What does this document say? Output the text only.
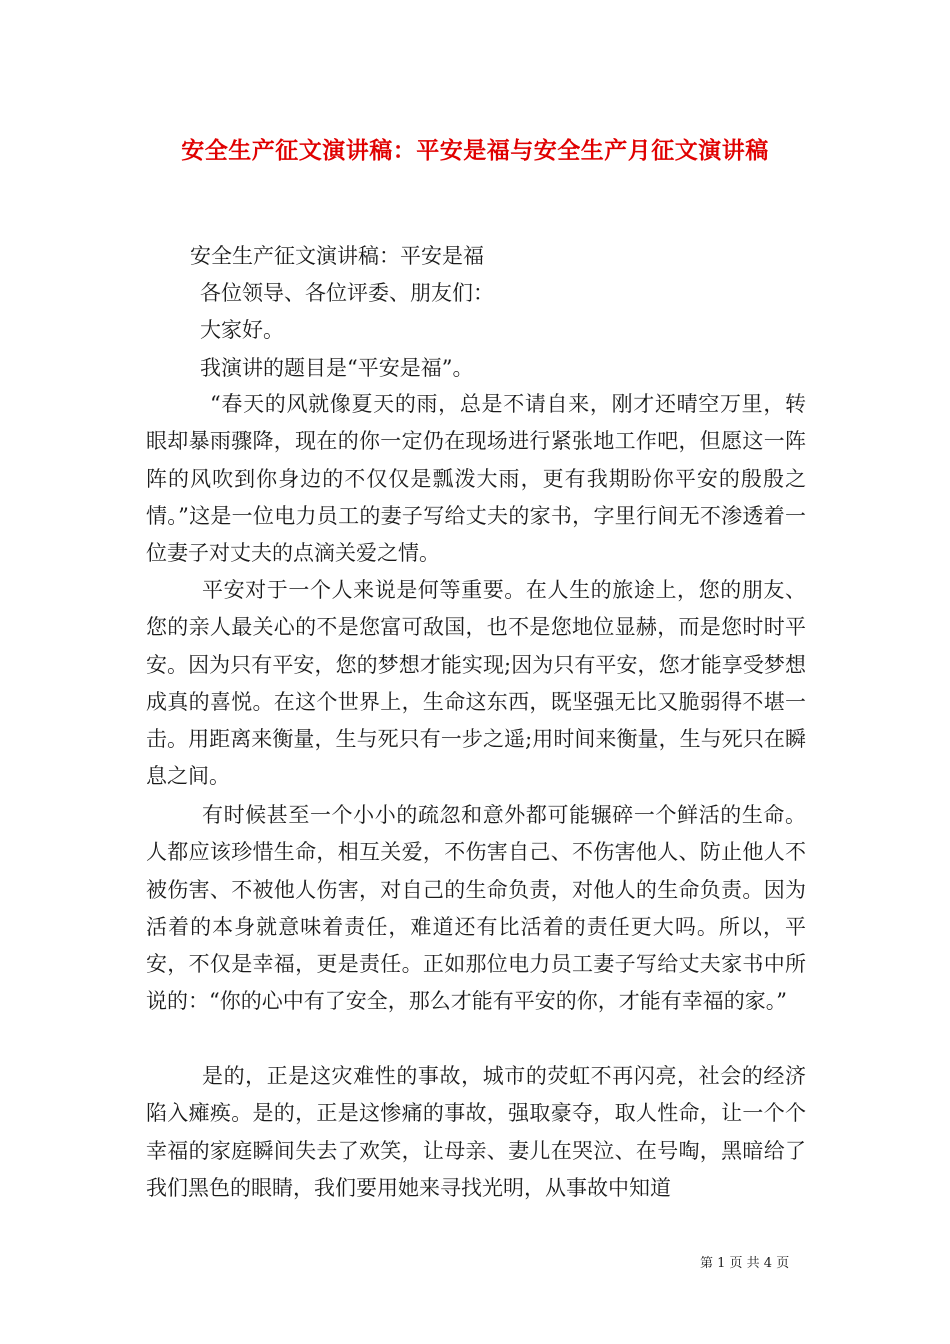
安全生产征文演讲稿：平安是福与安全生产月征文演讲稿
安全生产征文演讲稿：平安是福
各位领导、各位评委、朋友们：
大家好。
我演讲的题目是“平安是福”。

“春天的风就像夏天的雨，总是不请自来，刚才还晴空万里，转眼却暴雨骤降，现在的你一定仍在现场进行紧张地工作吧，但愿这一阵阵的风吹到你身边的不仅仅是瓢泼大雨，更有我期盼你平安的殷殷之情。”这是一位电力员工的妻子写给丈夫的家书，字里行间无不渗透着一位妻子对丈夫的点滴关爱之情。

平安对于一个人来说是何等重要。在人生的旅途上，您的朋友、您的亲人最关心的不是您富可敌国，也不是您地位显赫，而是您时时平安。因为只有平安，您的梦想才能实现;因为只有平安，您才能享受梦想成真的喜悦。在这个世界上，生命这东西，既坚强无比又脆弱得不堪一击。用距离来衡量，生与死只有一步之遥;用时间来衡量，生与死只在瞬息之间。

有时候甚至一个小小的疏忽和意外都可能辗碎一个鲜活的生命。人都应该珍惜生命，相互关爱，不伤害自己、不伤害他人、防止他人不被伤害、不被他人伤害，对自己的生命负责，对他人的生命负责。因为活着的本身就意味着责任，难道还有比活着的责任更大吗。所以，平安，不仅是幸福，更是责任。正如那位电力员工妻子写给丈夫家书中所说的：“你的心中有了安全，那么才能有平安的你，才能有幸福的家。”

是的，正是这灾难性的事故，城市的荧虹不再闪亮，社会的经济陷入瘫痪。是的，正是这惨痛的事故，强取豪夺，取人性命，让一个个幸福的家庭瞬间失去了欢笑，让母亲、妻儿在哭泣、在号啕，黑暗给了我们黑色的眼睛，我们要用她来寻找光明，从事故中知道

第 1 页 共 4 页
